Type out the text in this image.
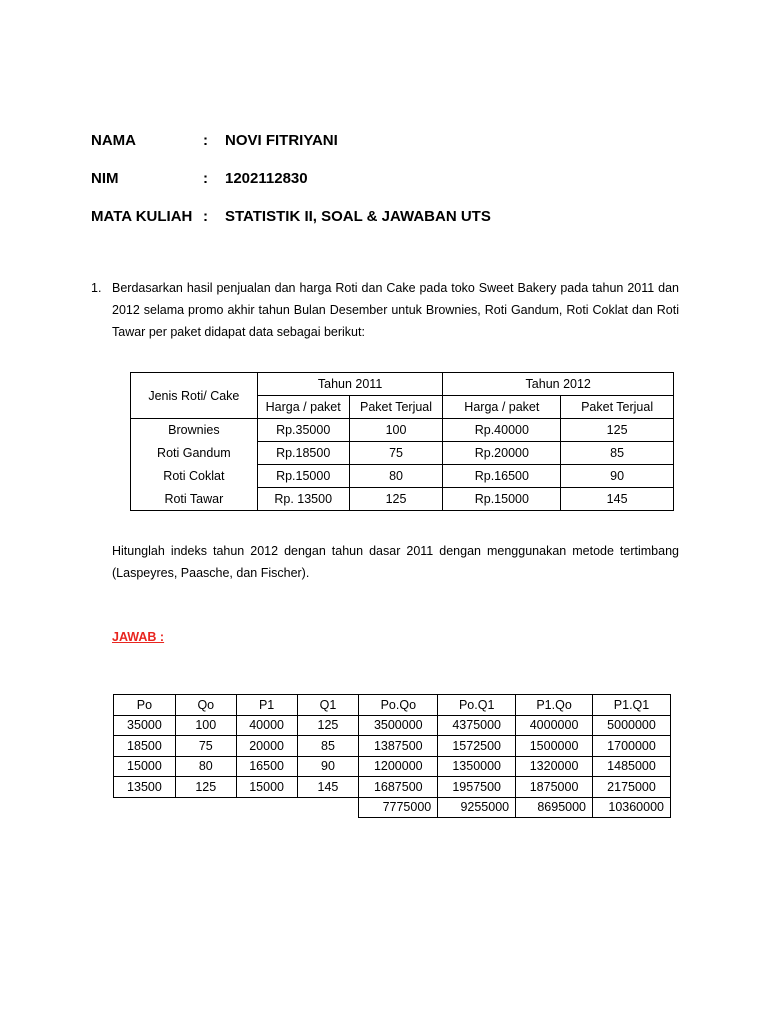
NAMA	:	NOVI FITRIYANI
NIM	:	1202112830
MATA KULIAH :	STATISTIK II, SOAL & JAWABAN UTS
1. Berdasarkan hasil penjualan dan harga Roti dan Cake pada toko Sweet Bakery pada tahun 2011 dan 2012 selama promo akhir tahun Bulan Desember untuk Brownies, Roti Gandum, Roti Coklat dan Roti Tawar per paket didapat data sebagai berikut:
Jenis Roti/ Cake	Tahun 2011		Tahun 2012	
	Harga / paket	Paket Terjual	Harga / paket	Paket Terjual
Brownies	Rp.35000	100	Rp.40000	125
Roti Gandum	Rp.18500	75	Rp.20000	85
Roti Coklat	Rp.15000	80	Rp.16500	90
Roti Tawar	Rp. 13500	125	Rp.15000	145
Hitunglah indeks tahun 2012 dengan tahun dasar 2011 dengan menggunakan metode tertimbang (Laspeyres, Paasche, dan Fischer).
JAWAB :
Po	Qo	P1	Q1	Po.Qo	Po.Q1	P1.Qo	P1.Q1
35000	100	40000	125	3500000	4375000	4000000	5000000
18500	75	20000	85	1387500	1572500	1500000	1700000
15000	80	16500	90	1200000	1350000	1320000	1485000
13500	125	15000	145	1687500	1957500	1875000	2175000
				7775000	9255000	8695000	10360000
